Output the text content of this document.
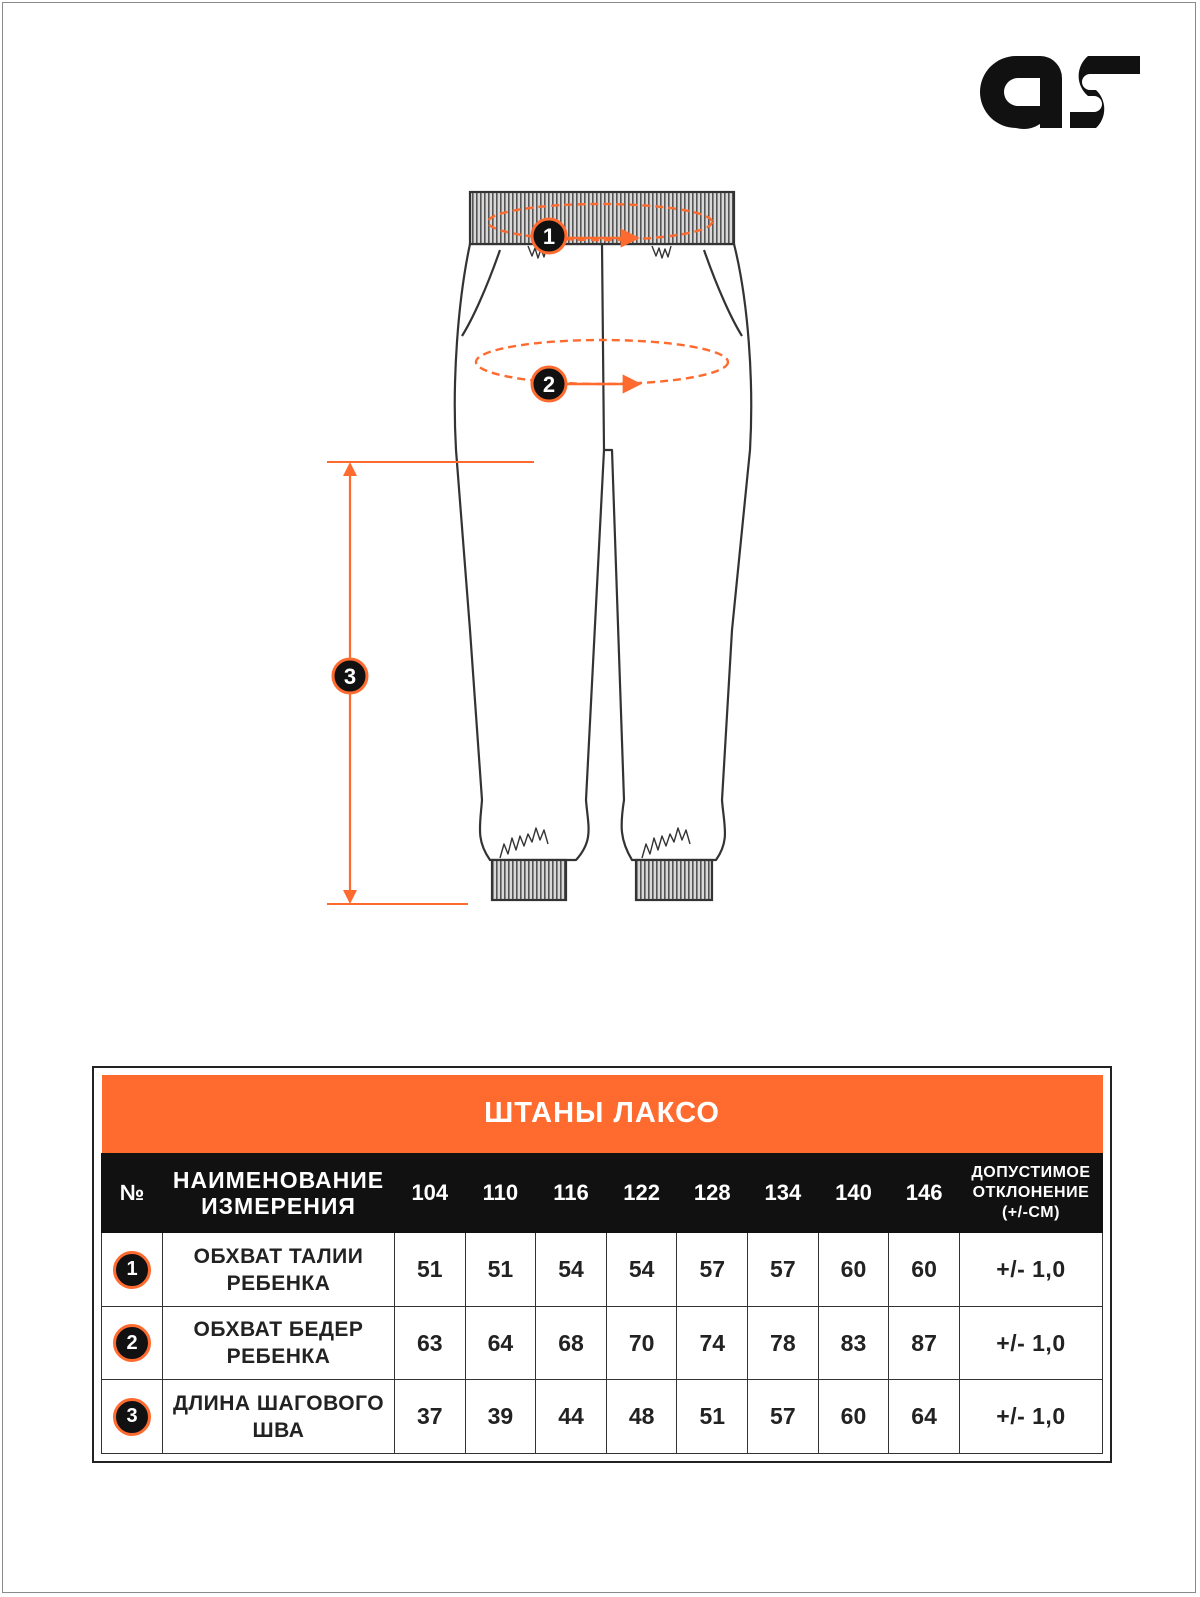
1
2
3
ШТАНЫ ЛАКСО										
№	НАИМЕНОВАНИЕ
ИЗМЕРЕНИЯ	104	110	116	122	128	134	140	146	ДОПУСТИМОЕ
ОТКЛОНЕНИЕ
(+/-СМ)
1	ОБХВАТ ТАЛИИ
РЕБЕНКА	51	51	54	54	57	57	60	60	+/- 1,0
2	ОБХВАТ БЕДЕР
РЕБЕНКА	63	64	68	70	74	78	83	87	+/- 1,0
3	ДЛИНА ШАГОВОГО
ШВА	37	39	44	48	51	57	60	64	+/- 1,0
